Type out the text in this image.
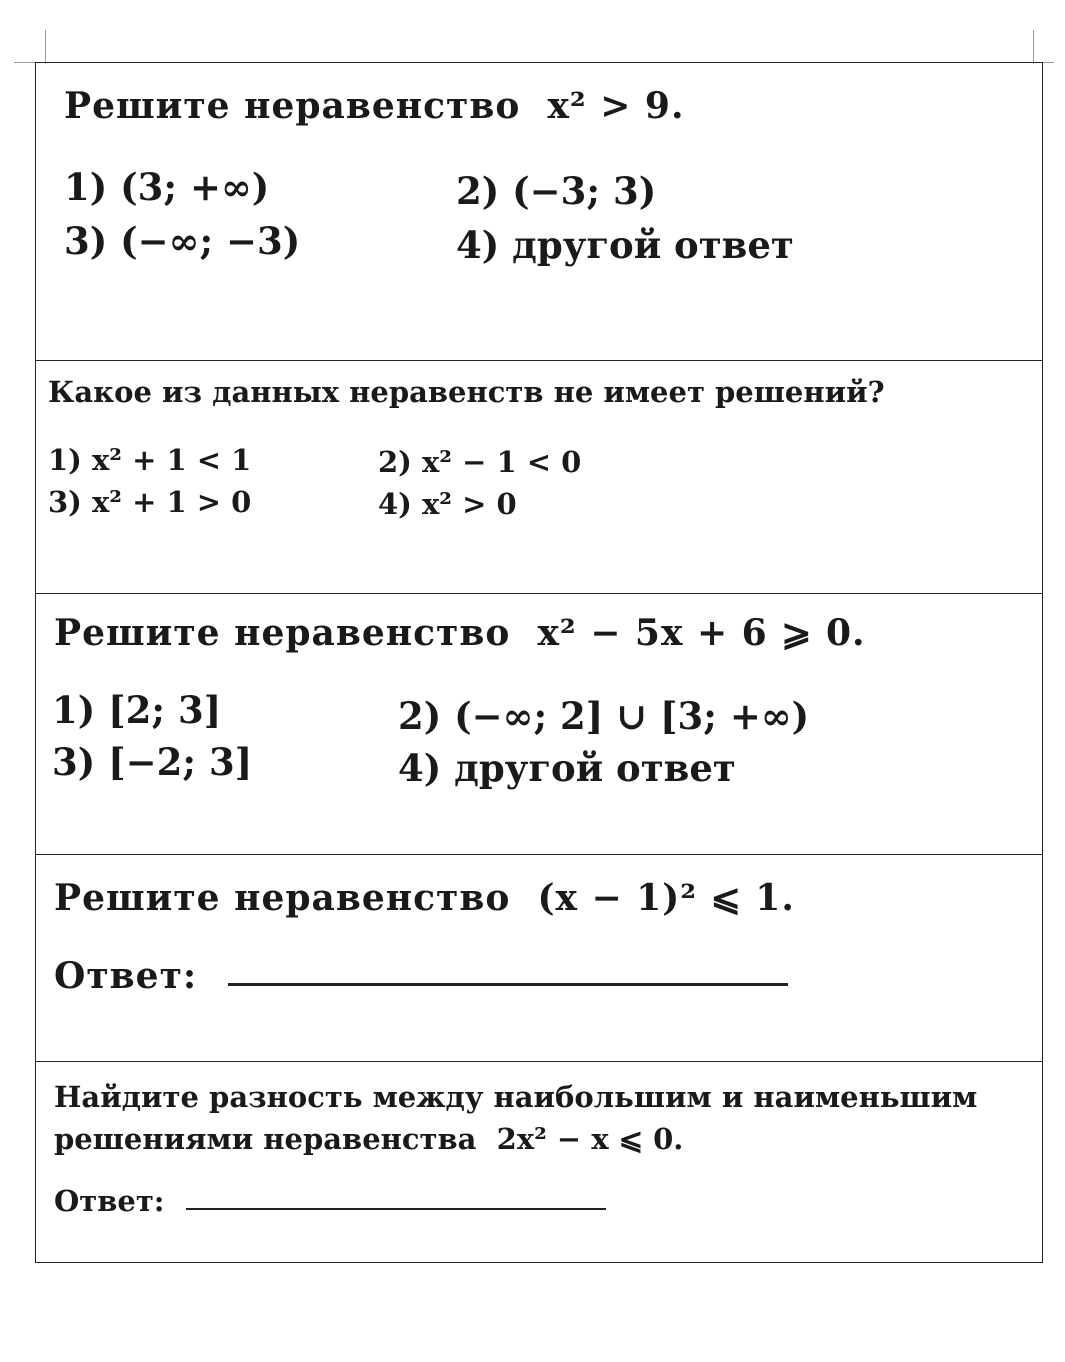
Решите неравенство x² > 9.
1) (3; +∞)	2) (−3; 3)
3) (−∞; −3)	4) другой ответ
Какое из данных неравенств не имеет решений?
1) x² + 1 < 1	2) x² − 1 < 0
3) x² + 1 > 0	4) x² > 0
Решите неравенство x² − 5x + 6 ⩾ 0.
1) [2; 3]	2) (−∞; 2] ∪ [3; +∞)
3) [−2; 3]	4) другой ответ
Решите неравенство (x − 1)² ⩽ 1.
Ответ:
Найдите разность между наибольшим и наименьшим
решениями неравенства 2x² − x ⩽ 0.
Ответ:
